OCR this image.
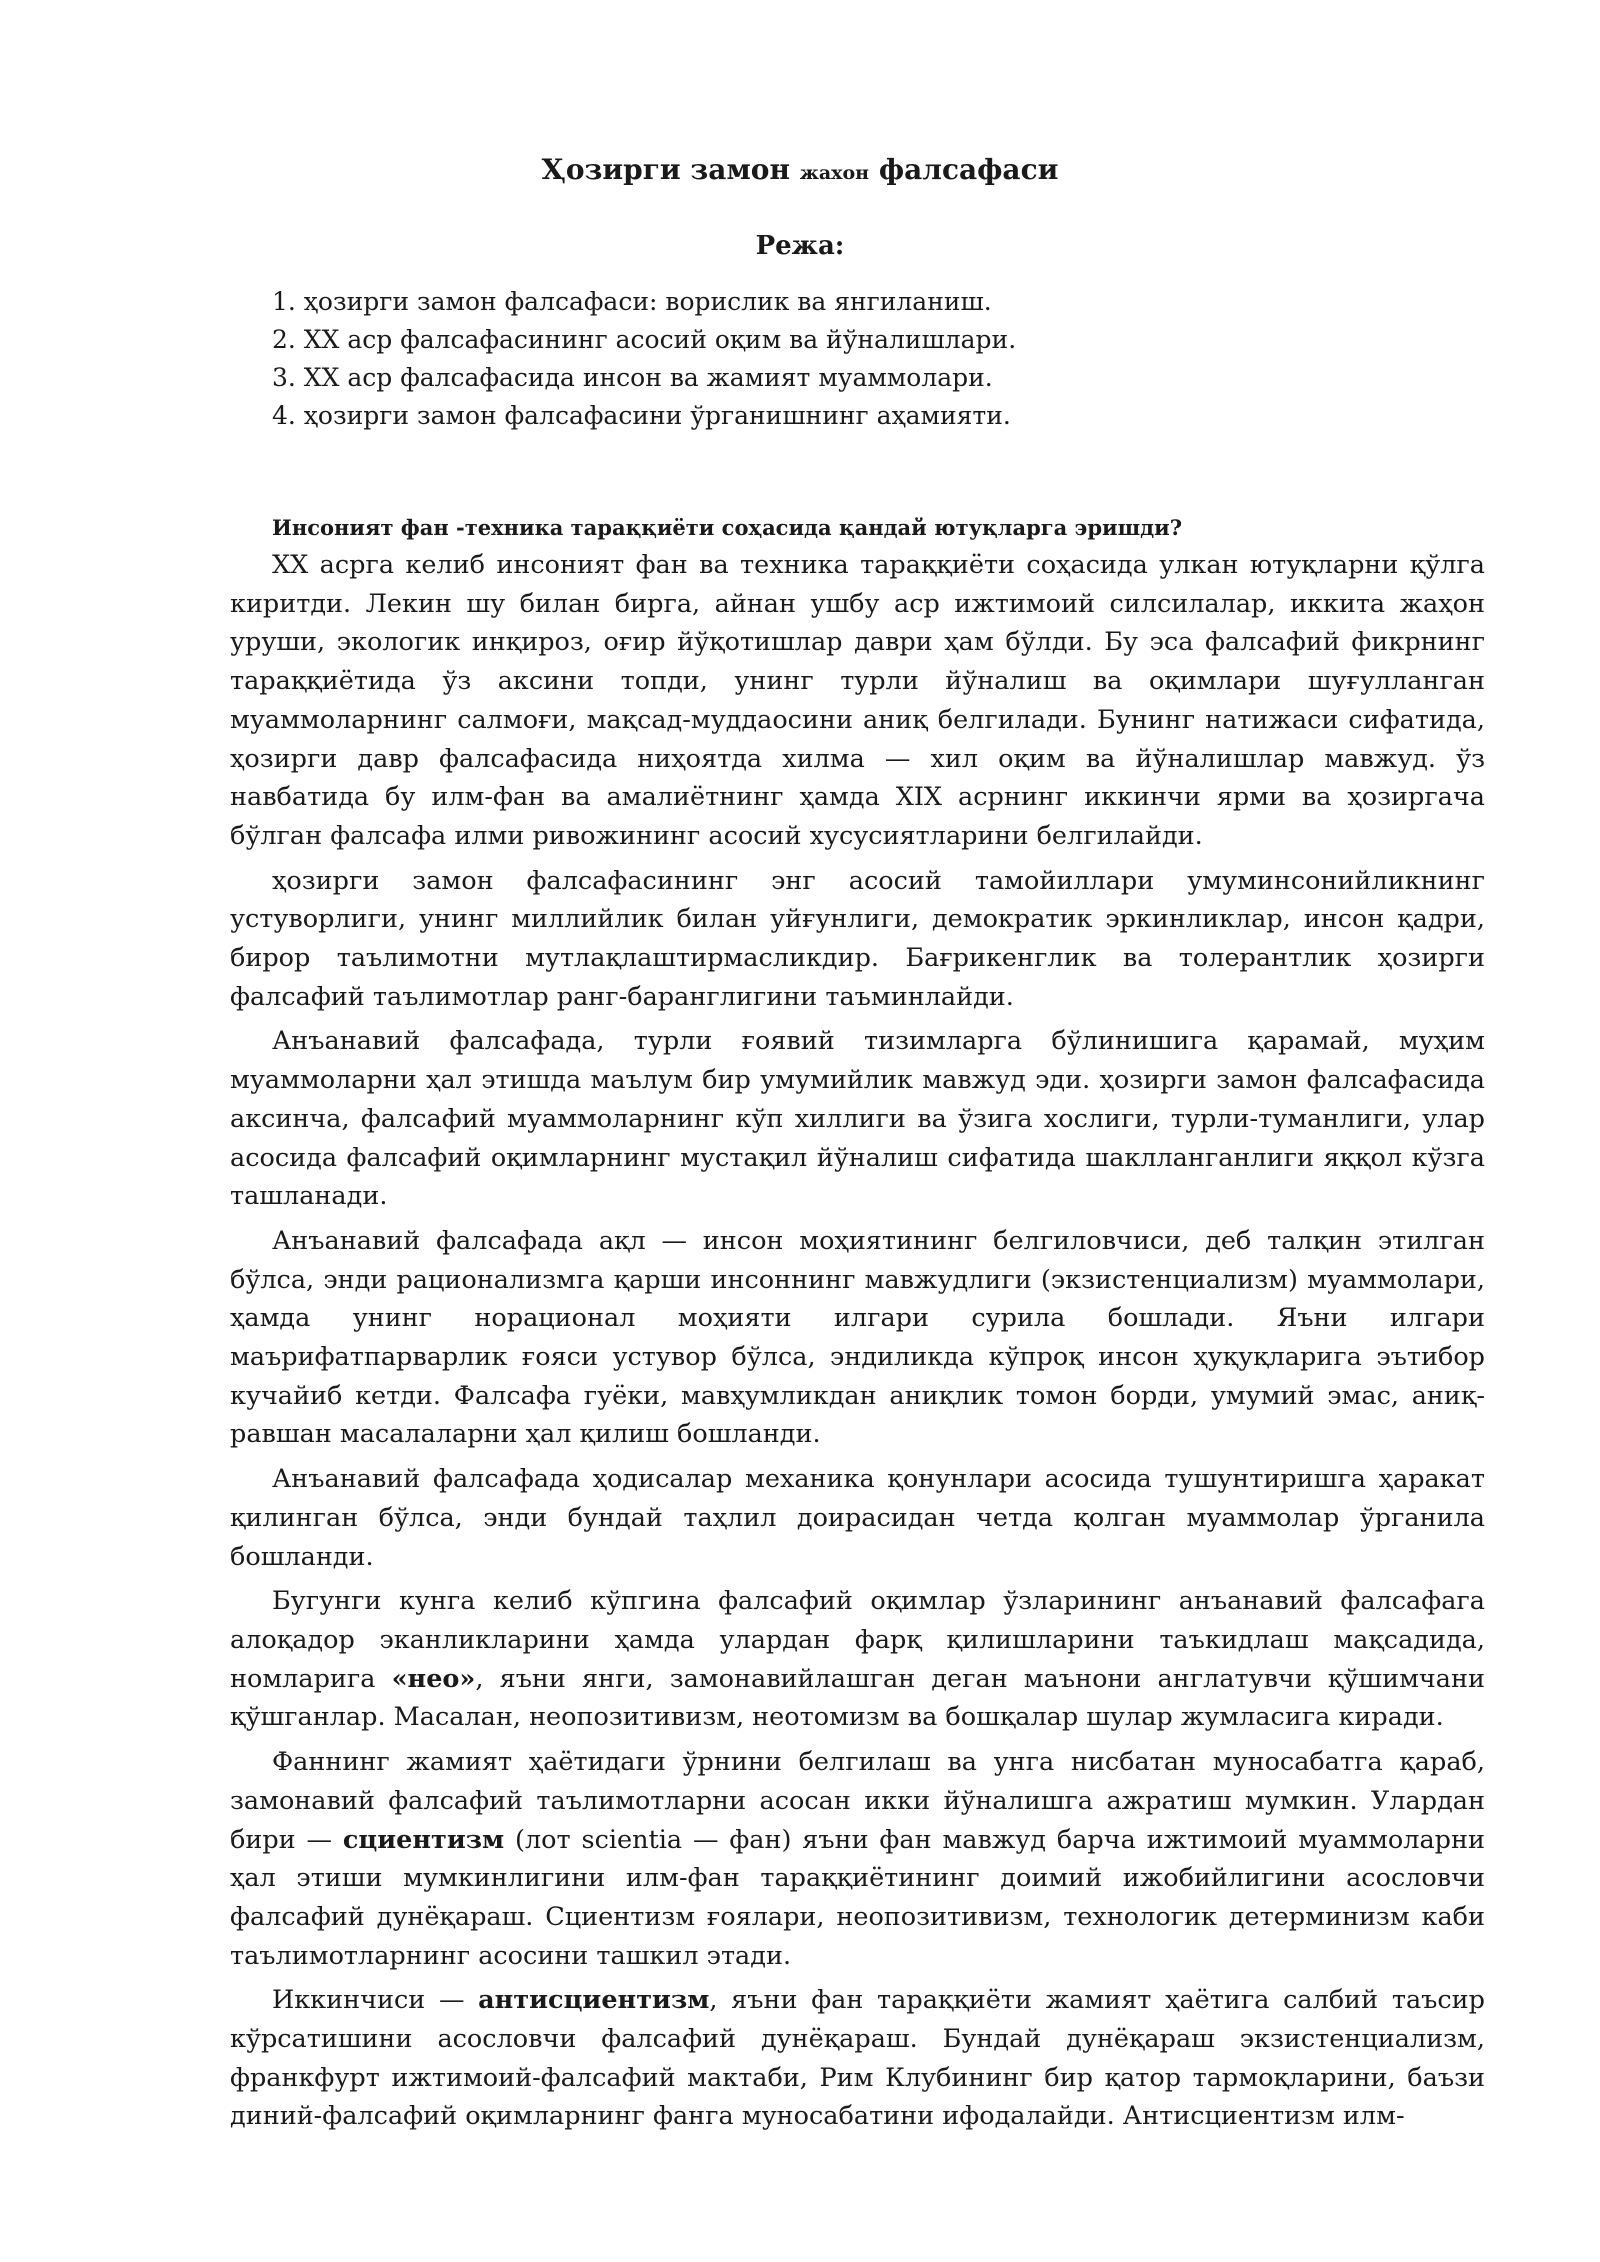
Ҳозирги замон жахон фалсафаси
Режа:
1. ҳозирги замон фалсафаси: ворислик ва янгиланиш.
2. ХХ аср фалсафасининг асосий оқим ва йўналишлари.
3. ХХ аср фалсафасида инсон ва жамият муаммолари.
4. ҳозирги замон фалсафасини ўрганишнинг аҳамияти.
Инсоният фан -техника тараққиёти соҳасида қандай ютуқларга эришди?

ХХ асрга келиб инсоният фан ва техника тараққиёти соҳасида улкан ютуқларни қўлга киритди. Лекин шу билан бирга, айнан ушбу аср ижтимоий силсилалар, иккита жаҳон уруши, экологик инқироз, оғир йўқотишлар даври ҳам бўлди. Бу эса фалсафий фикрнинг тараққиётида ўз аксини топди, унинг турли йўналиш ва оқимлари шуғулланган муаммоларнинг салмоғи, мақсад-муддаосини аниқ белгилади. Бунинг натижаси сифатида, ҳозирги давр фалсафасида ниҳоятда хилма — хил оқим ва йўналишлар мавжуд. ўз навбатида бу илм-фан ва амалиётнинг ҳамда ХIХ асрнинг иккинчи ярми ва ҳозиргача бўлган фалсафа илми ривожининг асосий хусусиятларини белгилайди.

ҳозирги замон фалсафасининг энг асосий тамойиллари умуминсонийликнинг устуворлиги, унинг миллийлик билан уйғунлиги, демократик эркинликлар, инсон қадри, бирор таълимотни мутлақлаштирмасликдир. Бағрикенглик ва толерантлик ҳозирги фалсафий таълимотлар ранг-баранглигини таъминлайди.

Анъанавий фалсафада, турли ғоявий тизимларга бўлинишига қарамай, муҳим муаммоларни ҳал этишда маълум бир умумийлик мавжуд эди. ҳозирги замон фалсафасида аксинча, фалсафий муаммоларнинг кўп хиллиги ва ўзига хослиги, турли-туманлиги, улар асосида фалсафий оқимларнинг мустақил йўналиш сифатида шаклланганлиги яққол кўзга ташланади.

Анъанавий фалсафада ақл — инсон моҳиятининг белгиловчиси, деб талқин этилган бўлса, энди рационализмга қарши инсоннинг мавжудлиги (экзистенциализм) муаммолари, ҳамда унинг норационал моҳияти илгари сурила бошлади. Яъни илгари маърифатпарварлик ғояси устувор бўлса, эндиликда кўпроқ инсон ҳуқуқларига эътибор кучайиб кетди. Фалсафа гуёки, мавҳумликдан аниқлик томон борди, умумий эмас, аниқ-равшан масалаларни ҳал қилиш бошланди.

Анъанавий фалсафада ҳодисалар механика қонунлари асосида тушунтиришга ҳаракат қилинган бўлса, энди бундай таҳлил доирасидан четда қолган муаммолар ўрганила бошланди.

Бугунги кунга келиб кўпгина фалсафий оқимлар ўзларининг анъанавий фалсафага алоқадор эканликларини ҳамда улардан фарқ қилишларини таъкидлаш мақсадида, номларига «нео», яъни янги, замонавийлашган деган маънони англатувчи қўшимчани қўшганлар. Масалан, неопозитивизм, неотомизм ва бошқалар шулар жумласига киради.

Фаннинг жамият ҳаётидаги ўрнини белгилаш ва унга нисбатан муносабатга қараб, замонавий фалсафий таълимотларни асосан икки йўналишга ажратиш мумкин. Улардан бири — сциентизм (лот scientia — фан) яъни фан мавжуд барча ижтимоий муаммоларни ҳал этиши мумкинлигини илм-фан тараққиётининг доимий ижобийлигини асословчи фалсафий дунёқараш. Сциентизм ғоялари, неопозитивизм, технологик детерминизм каби таълимотларнинг асосини ташкил этади.

Иккинчиси — антисциентизм, яъни фан тараққиёти жамият ҳаётига салбий таъсир кўрсатишини асословчи фалсафий дунёқараш. Бундай дунёқараш экзистенциализм, франкфурт ижтимоий-фалсафий мактаби, Рим Клубининг бир қатор тармоқларини, баъзи диний-фалсафий оқимларнинг фанга муносабатини ифодалайди. Антисциентизм илм-
